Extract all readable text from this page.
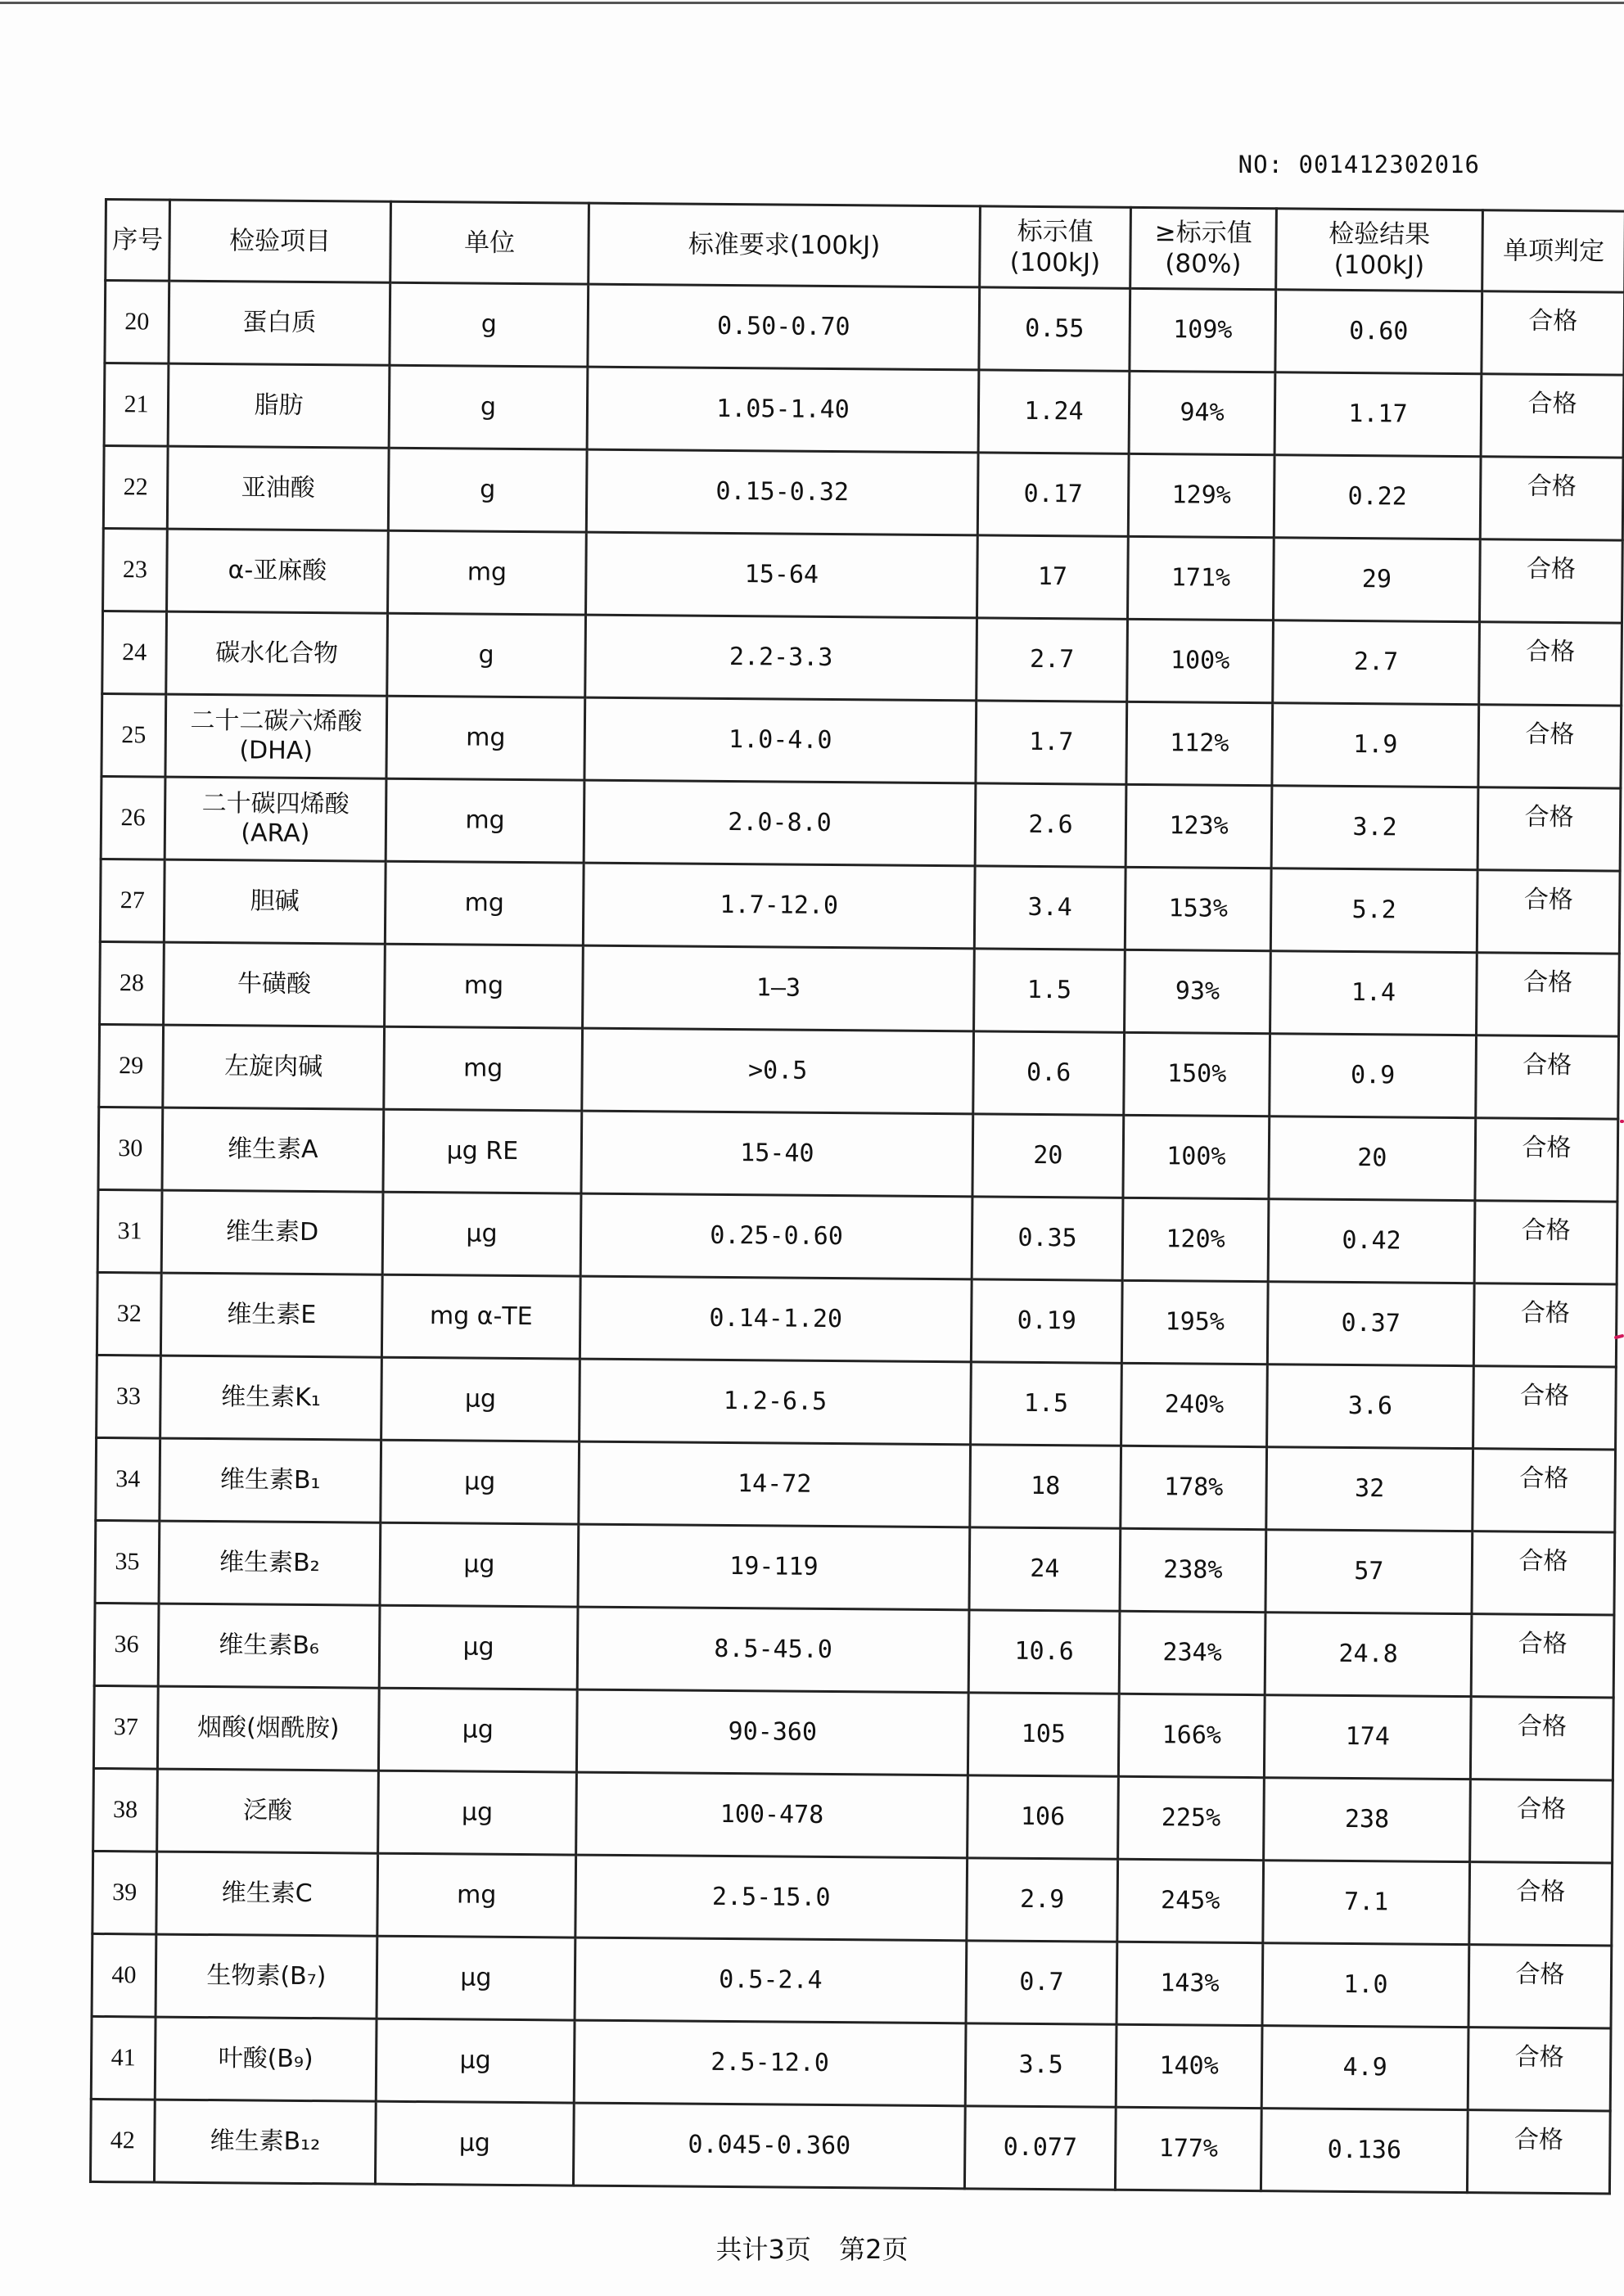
NO: 001412302016
序号	检验项目	单位	标准要求(100kJ)	标示值 (100kJ)	≥标示值 (80%)	检验结果 (100kJ)	单项判定
20	蛋白质	g	0.50-0.70	0.55	109%	0.60	合格
21	脂肪	g	1.05-1.40	1.24	94%	1.17	合格
22	亚油酸	g	0.15-0.32	0.17	129%	0.22	合格
23	α-亚麻酸	mg	15-64	17	171%	29	合格
24	碳水化合物	g	2.2-3.3	2.7	100%	2.7	合格
25	二十二碳六烯酸 (DHA)	mg	1.0-4.0	1.7	112%	1.9	合格
26	二十碳四烯酸 (ARA)	mg	2.0-8.0	2.6	123%	3.2	合格
27	胆碱	mg	1.7-12.0	3.4	153%	5.2	合格
28	牛磺酸	mg	1—3	1.5	93%	1.4	合格
29	左旋肉碱	mg	>0.5	0.6	150%	0.9	合格
30	维生素A	μg RE	15-40	20	100%	20	合格
31	维生素D	μg	0.25-0.60	0.35	120%	0.42	合格
32	维生素E	mg α-TE	0.14-1.20	0.19	195%	0.37	合格
33	维生素K₁	μg	1.2-6.5	1.5	240%	3.6	合格
34	维生素B₁	μg	14-72	18	178%	32	合格
35	维生素B₂	μg	19-119	24	238%	57	合格
36	维生素B₆	μg	8.5-45.0	10.6	234%	24.8	合格
37	烟酸(烟酰胺)	μg	90-360	105	166%	174	合格
38	泛酸	μg	100-478	106	225%	238	合格
39	维生素C	mg	2.5-15.0	2.9	245%	7.1	合格
40	生物素(B₇)	μg	0.5-2.4	0.7	143%	1.0	合格
41	叶酸(B₉)	μg	2.5-12.0	3.5	140%	4.9	合格
42	维生素B₁₂	μg	0.045-0.360	0.077	177%	0.136	合格
共计3页 第2页
